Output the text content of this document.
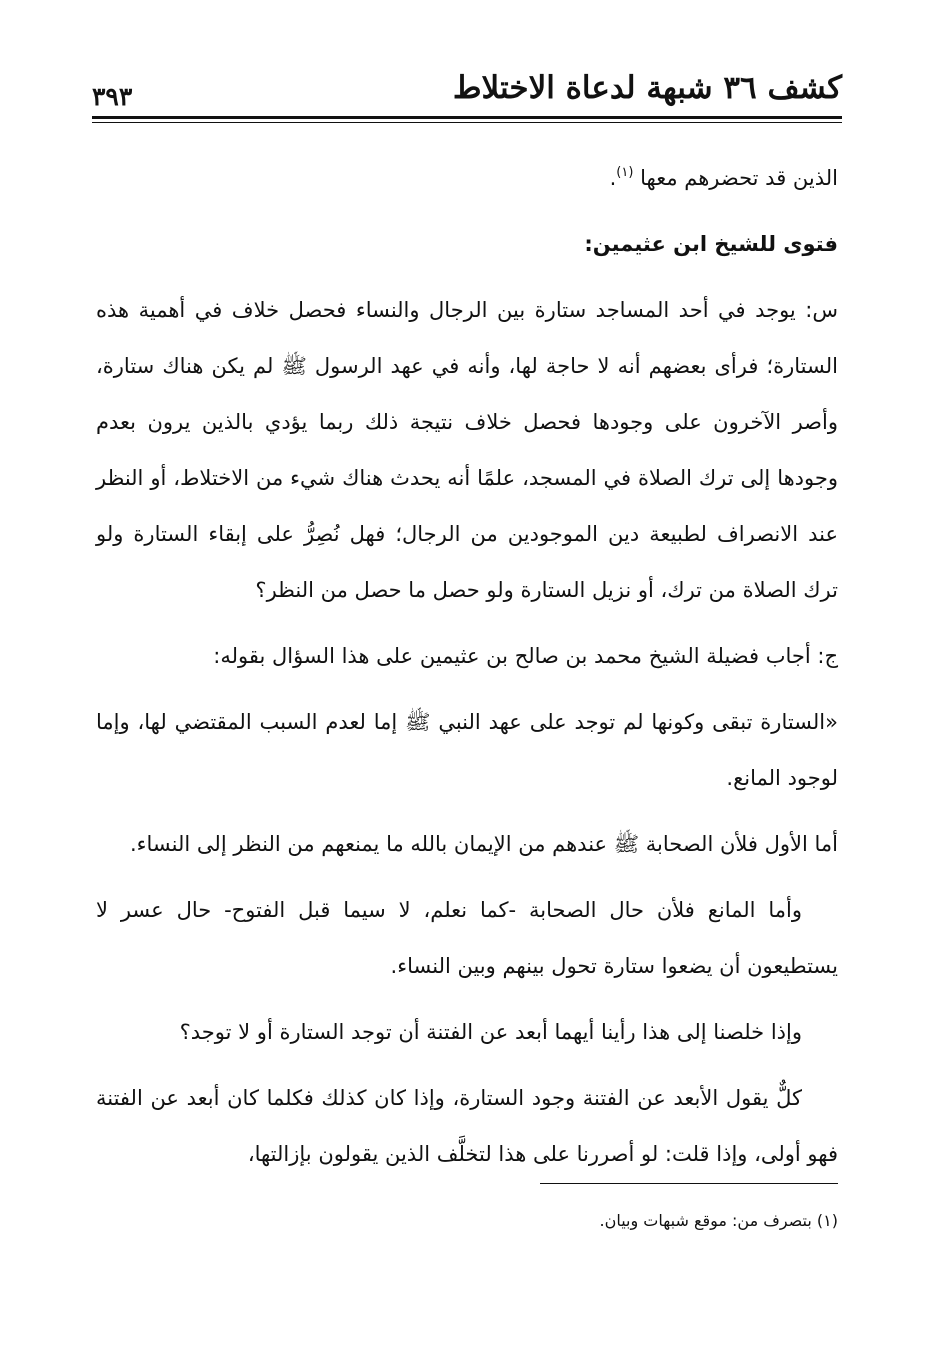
كشف ٣٦ شبهة لدعاة الاختلاط
٣٩٣

الذين قد تحضرهم معها $^{(١)}$.

فتوى للشيخ ابن عثيمين:

س: يوجد في أحد المساجد ستارة بين الرجال والنساء فحصل خلاف في أهمية هذه الستارة؛ فرأى بعضهم أنه لا حاجة لها، وأنه في عهد الرسول ﷺ لم يكن هناك ستارة، وأصر الآخرون على وجودها فحصل خلاف نتيجة ذلك ربما يؤدي بالذين يرون بعدم وجودها إلى ترك الصلاة في المسجد، علمًا أنه يحدث هناك شيء من الاختلاط، أو النظر عند الانصراف لطبيعة دين الموجودين من الرجال؛ فهل نُصِرُّ على إبقاء الستارة ولو ترك الصلاة من ترك، أو نزيل الستارة ولو حصل ما حصل من النظر؟

ج: أجاب فضيلة الشيخ محمد بن صالح بن عثيمين على هذا السؤال بقوله:

«الستارة تبقى وكونها لم توجد على عهد النبي ﷺ إما لعدم السبب المقتضي لها، وإما لوجود المانع.

أما الأول فلأن الصحابة ﷺ عندهم من الإيمان بالله ما يمنعهم من النظر إلى النساء.

وأما المانع فلأن حال الصحابة -كما نعلم، لا سيما قبل الفتوح- حال عسر لا يستطيعون أن يضعوا ستارة تحول بينهم وبين النساء.

وإذا خلصنا إلى هذا رأينا أيهما أبعد عن الفتنة أن توجد الستارة أو لا توجد؟

كلٌّ يقول الأبعد عن الفتنة وجود الستارة، وإذا كان كذلك فكلما كان أبعد عن الفتنة فهو أولى، وإذا قلت: لو أصررنا على هذا لتخلَّف الذين يقولون بإزالتها،

(١) بتصرف من: موقع شبهات وبيان.
